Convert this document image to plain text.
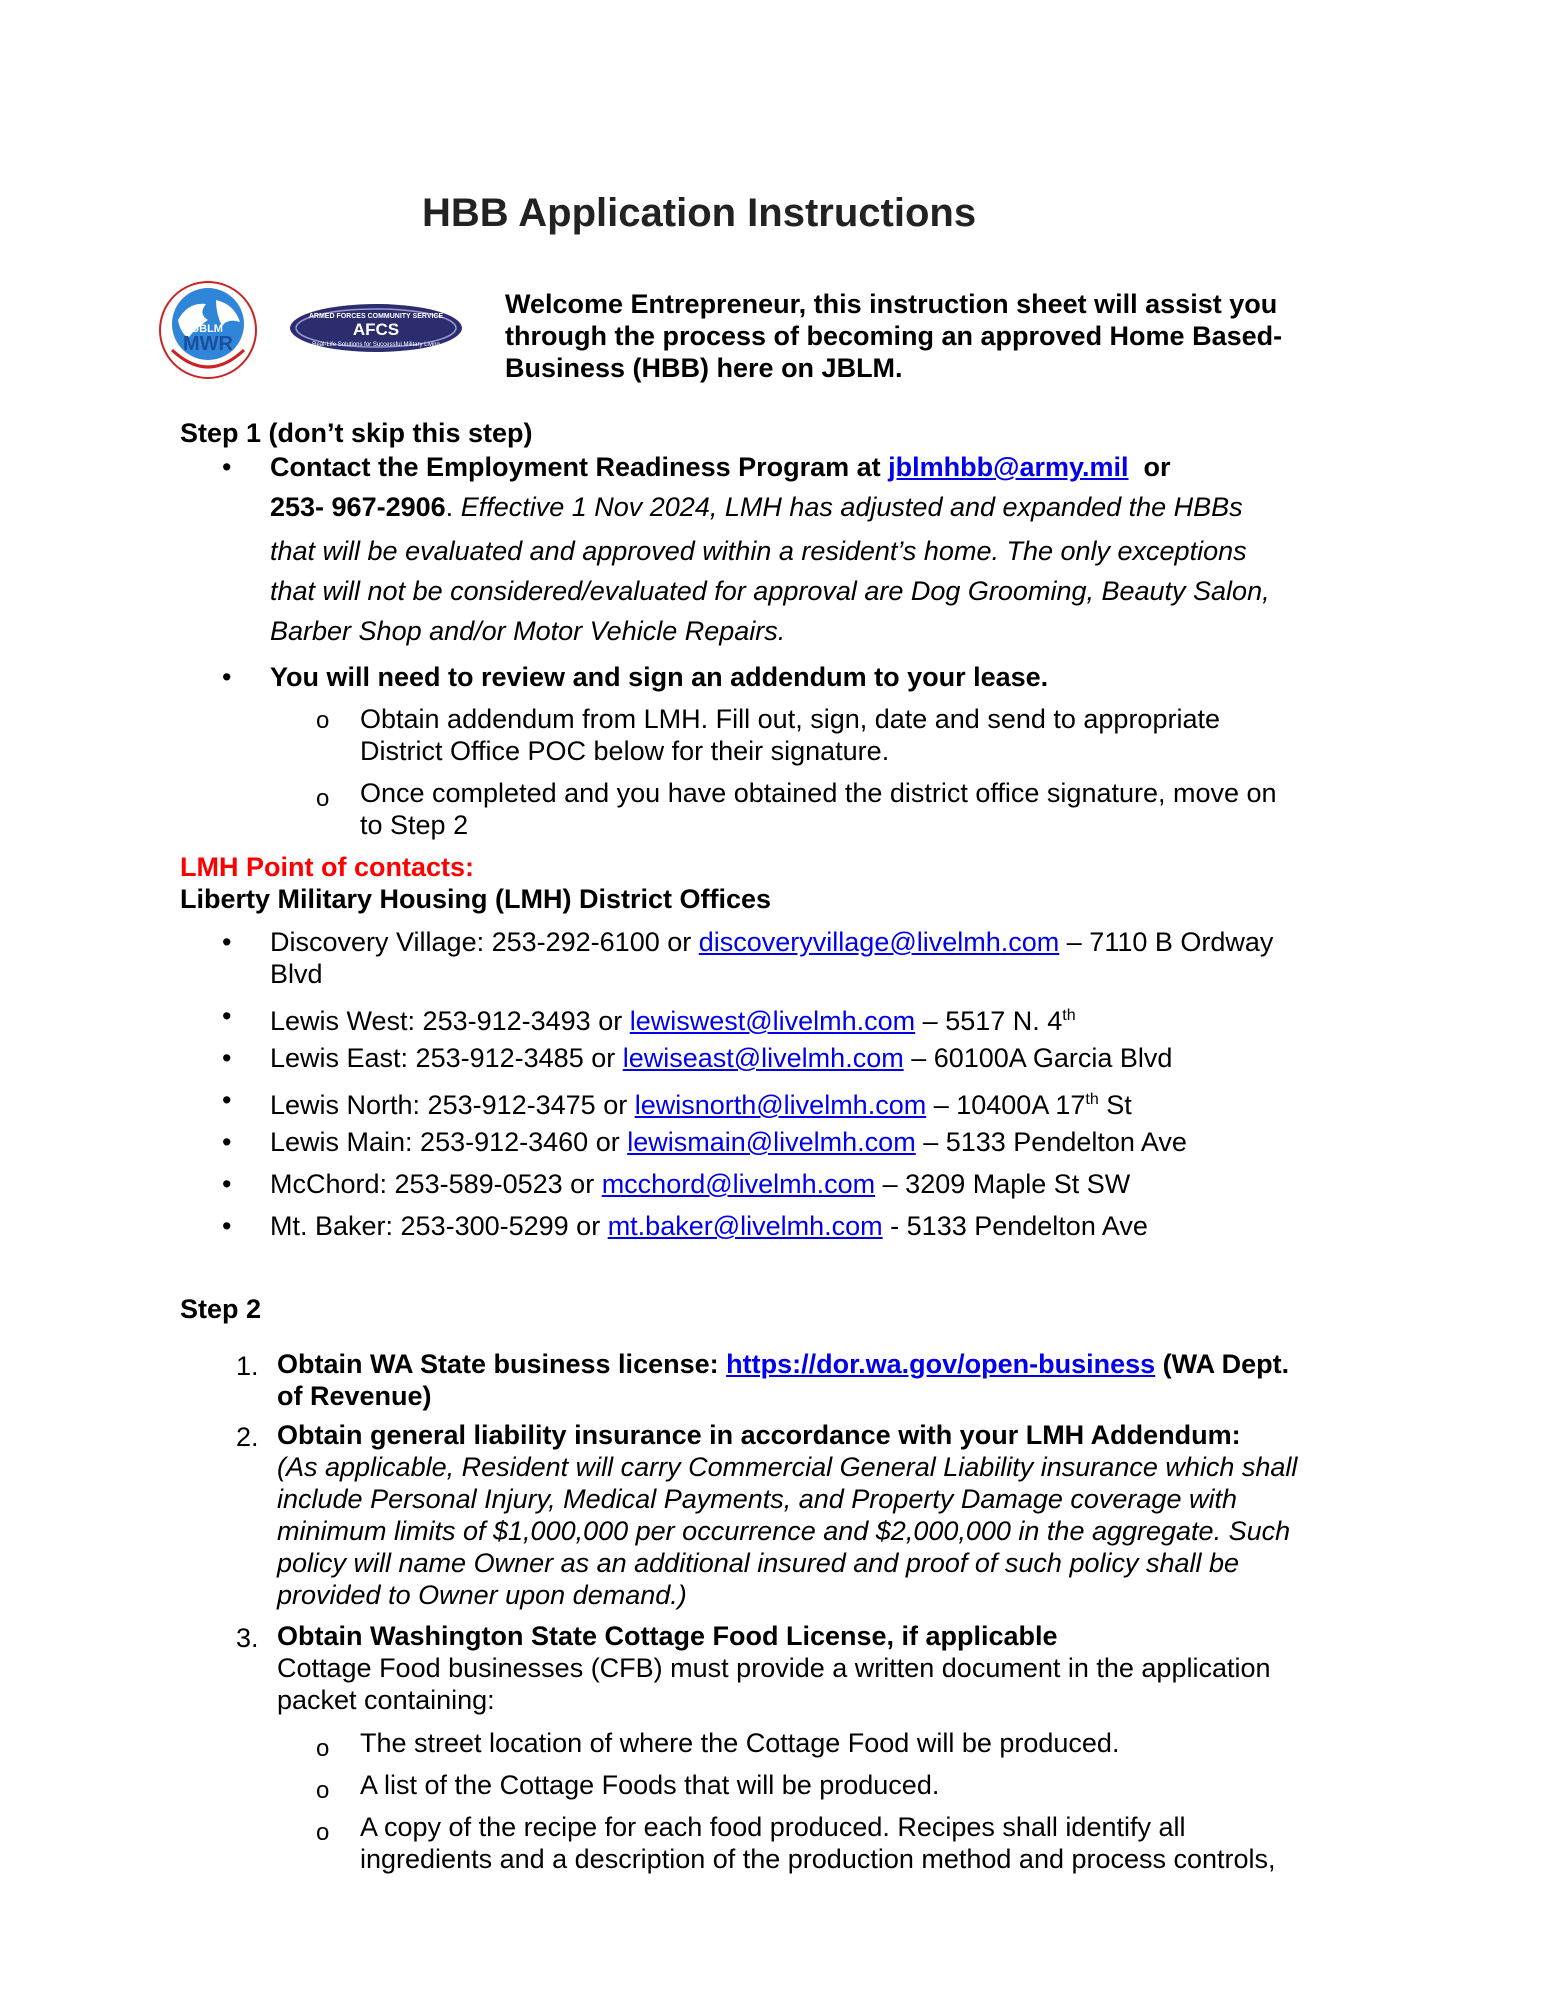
HBB Application Instructions
MWR
JBLM
ARMED FORCES COMMUNITY SERVICE
AFCS
Real-Life Solutions for Successful Military Living
Welcome Entrepreneur, this instruction sheet will assist you
through the process of becoming an approved Home Based-
Business (HBB) here on JBLM.
Step 1 (don’t skip this step)
• Contact the Employment Readiness Program at jblmhbb@army.mil  or
253- 967-2906. Effective 1 Nov 2024, LMH has adjusted and expanded the HBBs
that will be evaluated and approved within a resident’s home. The only exceptions
that will not be considered/evaluated for approval are Dog Grooming, Beauty Salon,
Barber Shop and/or Motor Vehicle Repairs.
• You will need to review and sign an addendum to your lease.
o Obtain addendum from LMH. Fill out, sign, date and send to appropriate
District Office POC below for their signature.
o Once completed and you have obtained the district office signature, move on
to Step 2
LMH Point of contacts:
Liberty Military Housing (LMH) District Offices
• Discovery Village: 253-292-6100 or discoveryvillage@livelmh.com – 7110 B Ordway
Blvd
• Lewis West: 253-912-3493 or lewiswest@livelmh.com – 5517 N. 4th
• Lewis East: 253-912-3485 or lewiseast@livelmh.com – 60100A Garcia Blvd
• Lewis North: 253-912-3475 or lewisnorth@livelmh.com – 10400A 17th St
• Lewis Main: 253-912-3460 or lewismain@livelmh.com – 5133 Pendelton Ave
• McChord: 253-589-0523 or mcchord@livelmh.com – 3209 Maple St SW
• Mt. Baker: 253-300-5299 or mt.baker@livelmh.com - 5133 Pendelton Ave
Step 2
1. Obtain WA State business license: https://dor.wa.gov/open-business (WA Dept.
of Revenue)
2. Obtain general liability insurance in accordance with your LMH Addendum:
(As applicable, Resident will carry Commercial General Liability insurance which shall
include Personal Injury, Medical Payments, and Property Damage coverage with
minimum limits of $1,000,000 per occurrence and $2,000,000 in the aggregate. Such
policy will name Owner as an additional insured and proof of such policy shall be
provided to Owner upon demand.)
3. Obtain Washington State Cottage Food License, if applicable
Cottage Food businesses (CFB) must provide a written document in the application
packet containing:
o The street location of where the Cottage Food will be produced.
o A list of the Cottage Foods that will be produced.
o A copy of the recipe for each food produced. Recipes shall identify all
ingredients and a description of the production method and process controls,
